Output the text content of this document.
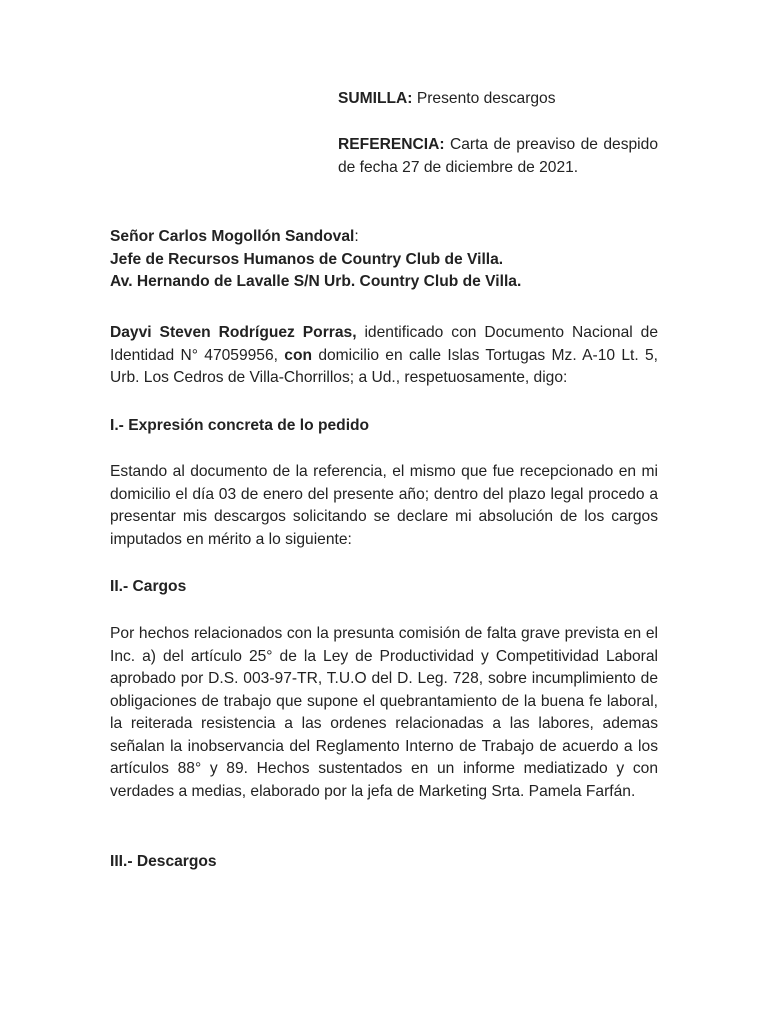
SUMILLA: Presento descargos

REFERENCIA: Carta de preaviso de despido de fecha 27 de diciembre de 2021.

Señor Carlos Mogollón Sandoval:

Jefe de Recursos Humanos de Country Club de Villa.

Av. Hernando de Lavalle S/N Urb. Country Club de Villa.

Dayvi Steven Rodríguez Porras, identificado con Documento Nacional de Identidad N° 47059956, con domicilio en calle Islas Tortugas Mz. A-10 Lt. 5, Urb. Los Cedros de Villa-Chorrillos; a Ud., respetuosamente, digo:

I.- Expresión concreta de lo pedido

Estando al documento de la referencia, el mismo que fue recepcionado en mi domicilio el día 03 de enero del presente año; dentro del plazo legal procedo a presentar mis descargos solicitando se declare mi absolución de los cargos imputados en mérito a lo siguiente:

II.- Cargos

Por hechos relacionados con la presunta comisión de falta grave prevista en el Inc. a) del artículo 25° de la Ley de Productividad y Competitividad Laboral aprobado por D.S. 003-97-TR, T.U.O del D. Leg. 728, sobre incumplimiento de obligaciones de trabajo que supone el quebrantamiento de la buena fe laboral, la reiterada resistencia a las ordenes relacionadas a las labores, ademas señalan la inobservancia del Reglamento Interno de Trabajo de acuerdo a los artículos 88° y 89. Hechos sustentados en un informe mediatizado y con verdades a medias, elaborado por la jefa de Marketing Srta. Pamela Farfán.

III.- Descargos
